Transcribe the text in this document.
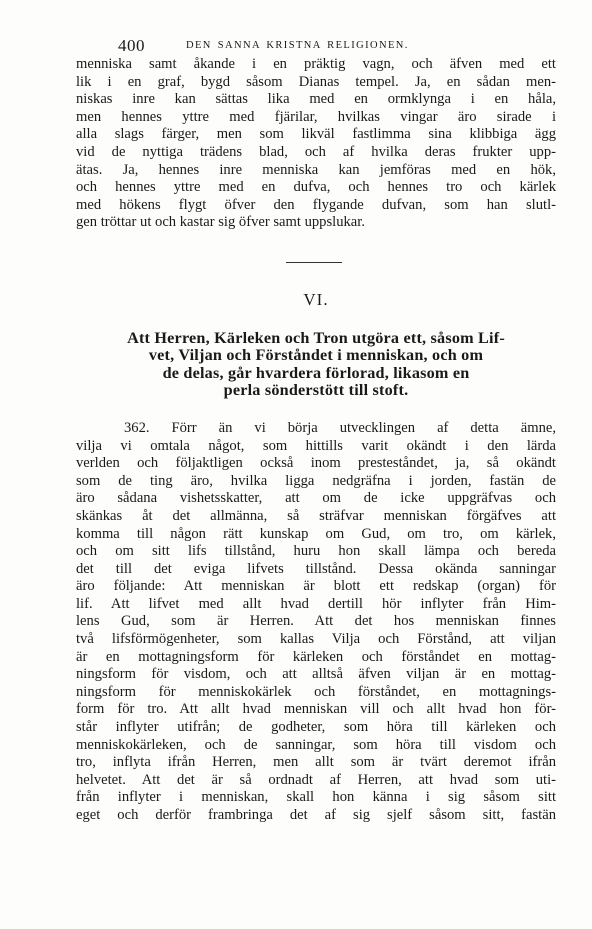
400	DEN SANNA KRISTNA RELIGIONEN.
menniska samt åkande i en präktig vagn, och äfven med ett
lik i en graf, bygd såsom Dianas tempel. Ja, en sådan men-
niskas inre kan sättas lika med en ormklynga i en håla,
men hennes yttre med fjärilar, hvilkas vingar äro sirade i
alla slags färger, men som likväl fastlimma sina klibbiga ägg
vid de nyttiga trädens blad, och af hvilka deras frukter upp-
ätas. Ja, hennes inre menniska kan jemföras med en hök,
och hennes yttre med en dufva, och hennes tro och kärlek
med hökens flygt öfver den flygande dufvan, som han slutl-
gen tröttar ut och kastar sig öfver samt uppslukar.
VI.
Att Herren, Kärleken och Tron utgöra ett, såsom Lif-
vet, Viljan och Förståndet i menniskan, och om
de delas, går hvardera förlorad, likasom en
perla sönderstött till stoft.
362. Förr än vi börja utvecklingen af detta ämne,
vilja vi omtala något, som hittills varit okändt i den lärda
verlden och följaktligen också inom presteståndet, ja, så okändt
som de ting äro, hvilka ligga nedgräfna i jorden, fastän de
äro sådana vishetsskatter, att om de icke uppgräfvas och
skänkas åt det allmänna, så sträfvar menniskan förgäfves att
komma till någon rätt kunskap om Gud, om tro, om kärlek,
och om sitt lifs tillstånd, huru hon skall lämpa och bereda
det till det eviga lifvets tillstånd. Dessa okända sanningar
äro följande: Att menniskan är blott ett redskap (organ) för
lif. Att lifvet med allt hvad dertill hör inflyter från Him-
lens Gud, som är Herren. Att det hos menniskan finnes
två lifsförmögenheter, som kallas Vilja och Förstånd, att viljan
är en mottagningsform för kärleken och förståndet en mottag-
ningsform för visdom, och att alltså äfven viljan är en mottag-
ningsform för menniskokärlek och förståndet, en mottagnings-
form för tro. Att allt hvad menniskan vill och allt hvad hon för-
står inflyter utifrån; de godheter, som höra till kärleken och
menniskokärleken, och de sanningar, som höra till visdom och
tro, inflyta ifrån Herren, men allt som är tvärt deremot ifrån
helvetet. Att det är så ordnadt af Herren, att hvad som uti-
från inflyter i menniskan, skall hon känna i sig såsom sitt
eget och derför frambringa det af sig sjelf såsom sitt, fastän
